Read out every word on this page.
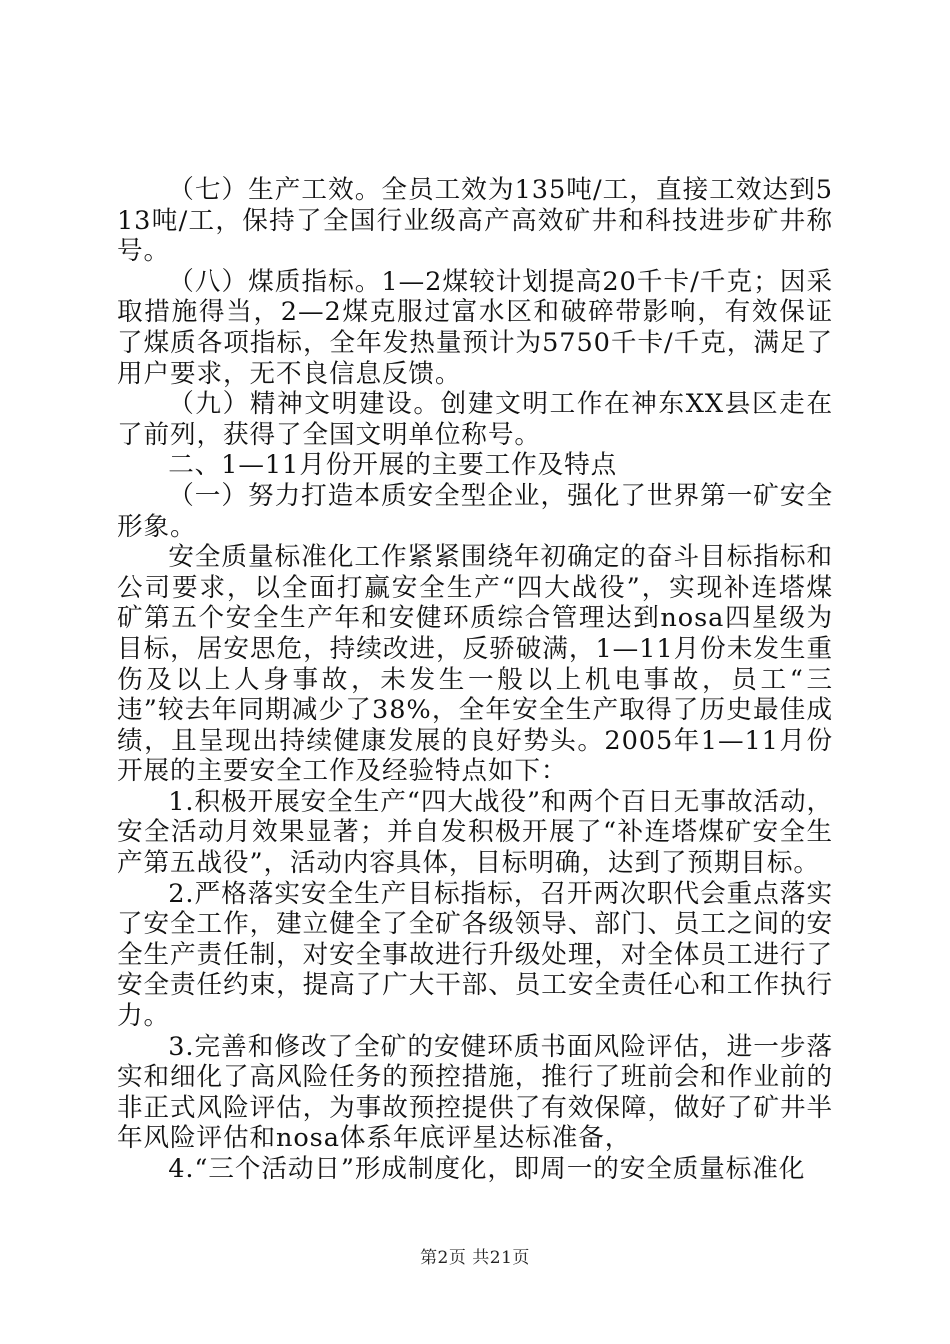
（七）生产工效。全员工效为135吨/工，直接工效达到513吨/工，保持了全国行业级高产高效矿井和科技进步矿井称号。

（八）煤质指标。1—2煤较计划提高20千卡/千克；因采取措施得当，2—2煤克服过富水区和破碎带影响，有效保证了煤质各项指标，全年发热量预计为5750千卡/千克，满足了用户要求，无不良信息反馈。

（九）精神文明建设。创建文明工作在神东XX县区走在了前列，获得了全国文明单位称号。

二、1—11月份开展的主要工作及特点

（一）努力打造本质安全型企业，强化了世界第一矿安全形象。

安全质量标准化工作紧紧围绕年初确定的奋斗目标指标和公司要求，以全面打赢安全生产“四大战役”，实现补连塔煤矿第五个安全生产年和安健环质综合管理达到nosa四星级为目标，居安思危，持续改进，反骄破满，1—11月份未发生重伤及以上人身事故，未发生一般以上机电事故，员工“三违”较去年同期减少了38%，全年安全生产取得了历史最佳成绩，且呈现出持续健康发展的良好势头。2005年1—11月份开展的主要安全工作及经验特点如下：

1.积极开展安全生产“四大战役”和两个百日无事故活动，安全活动月效果显著；并自发积极开展了“补连塔煤矿安全生产第五战役”，活动内容具体，目标明确，达到了预期目标。

2.严格落实安全生产目标指标，召开两次职代会重点落实了安全工作，建立健全了全矿各级领导、部门、员工之间的安全生产责任制，对安全事故进行升级处理，对全体员工进行了安全责任约束，提高了广大干部、员工安全责任心和工作执行力。

3.完善和修改了全矿的安健环质书面风险评估，进一步落实和细化了高风险任务的预控措施，推行了班前会和作业前的非正式风险评估，为事故预控提供了有效保障，做好了矿井半年风险评估和nosa体系年底评星达标准备，

4.“三个活动日”形成制度化，即周一的安全质量标准化

第2页 共21页
